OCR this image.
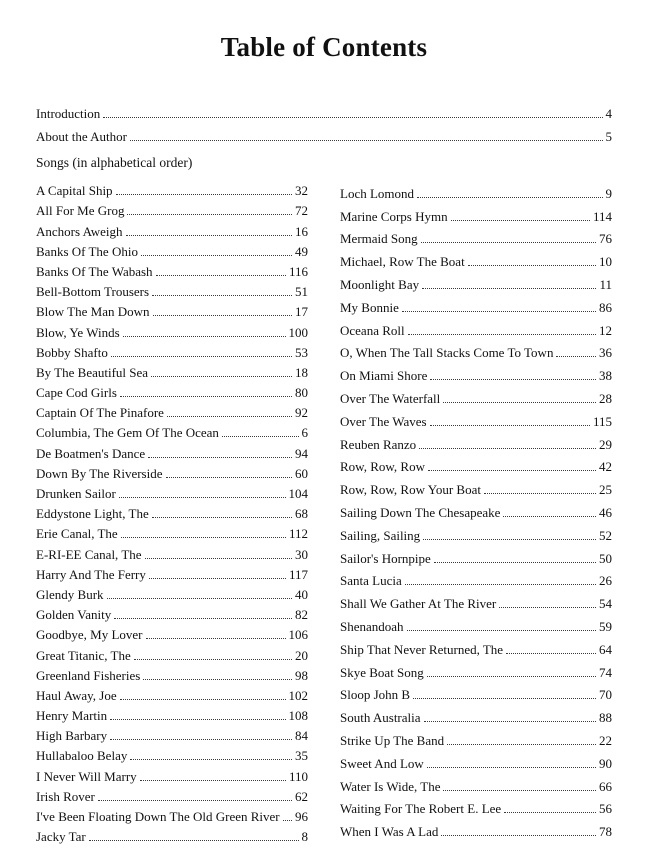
Table of Contents
Introduction	4
About the Author	5
Songs (in alphabetical order)
A Capital Ship	32
All For Me Grog	72
Anchors Aweigh	16
Banks Of The Ohio	49
Banks Of The Wabash	116
Bell-Bottom Trousers	51
Blow The Man Down	17
Blow, Ye Winds	100
Bobby Shafto	53
By The Beautiful Sea	18
Cape Cod Girls	80
Captain Of The Pinafore	92
Columbia, The Gem Of The Ocean	6
De Boatmen's Dance	94
Down By The Riverside	60
Drunken Sailor	104
Eddystone Light, The	68
Erie Canal, The	112
E-RI-EE Canal, The	30
Harry And The Ferry	117
Glendy Burk	40
Golden Vanity	82
Goodbye, My Lover	106
Great Titanic, The	20
Greenland Fisheries	98
Haul Away, Joe	102
Henry Martin	108
High Barbary	84
Hullabaloo Belay	35
I Never Will Marry	110
Irish Rover	62
I've Been Floating Down The Old Green River 96
Jacky Tar	8
Loch Lomond	9
Marine Corps Hymn	114
Mermaid Song	76
Michael, Row The Boat	10
Moonlight Bay	11
My Bonnie	86
Oceana Roll	12
O, When The Tall Stacks Come To Town	36
On Miami Shore	38
Over The Waterfall	28
Over The Waves	115
Reuben Ranzo	29
Row, Row, Row	42
Row, Row, Row Your Boat	25
Sailing Down The Chesapeake	46
Sailing, Sailing	52
Sailor's Hornpipe	50
Santa Lucia	26
Shall We Gather At The River	54
Shenandoah	59
Ship That Never Returned, The	64
Skye Boat Song	74
Sloop John B	70
South Australia	88
Strike Up The Band	22
Sweet And Low	90
Water Is Wide, The	66
Waiting For The Robert E. Lee	56
When I Was A Lad	78
